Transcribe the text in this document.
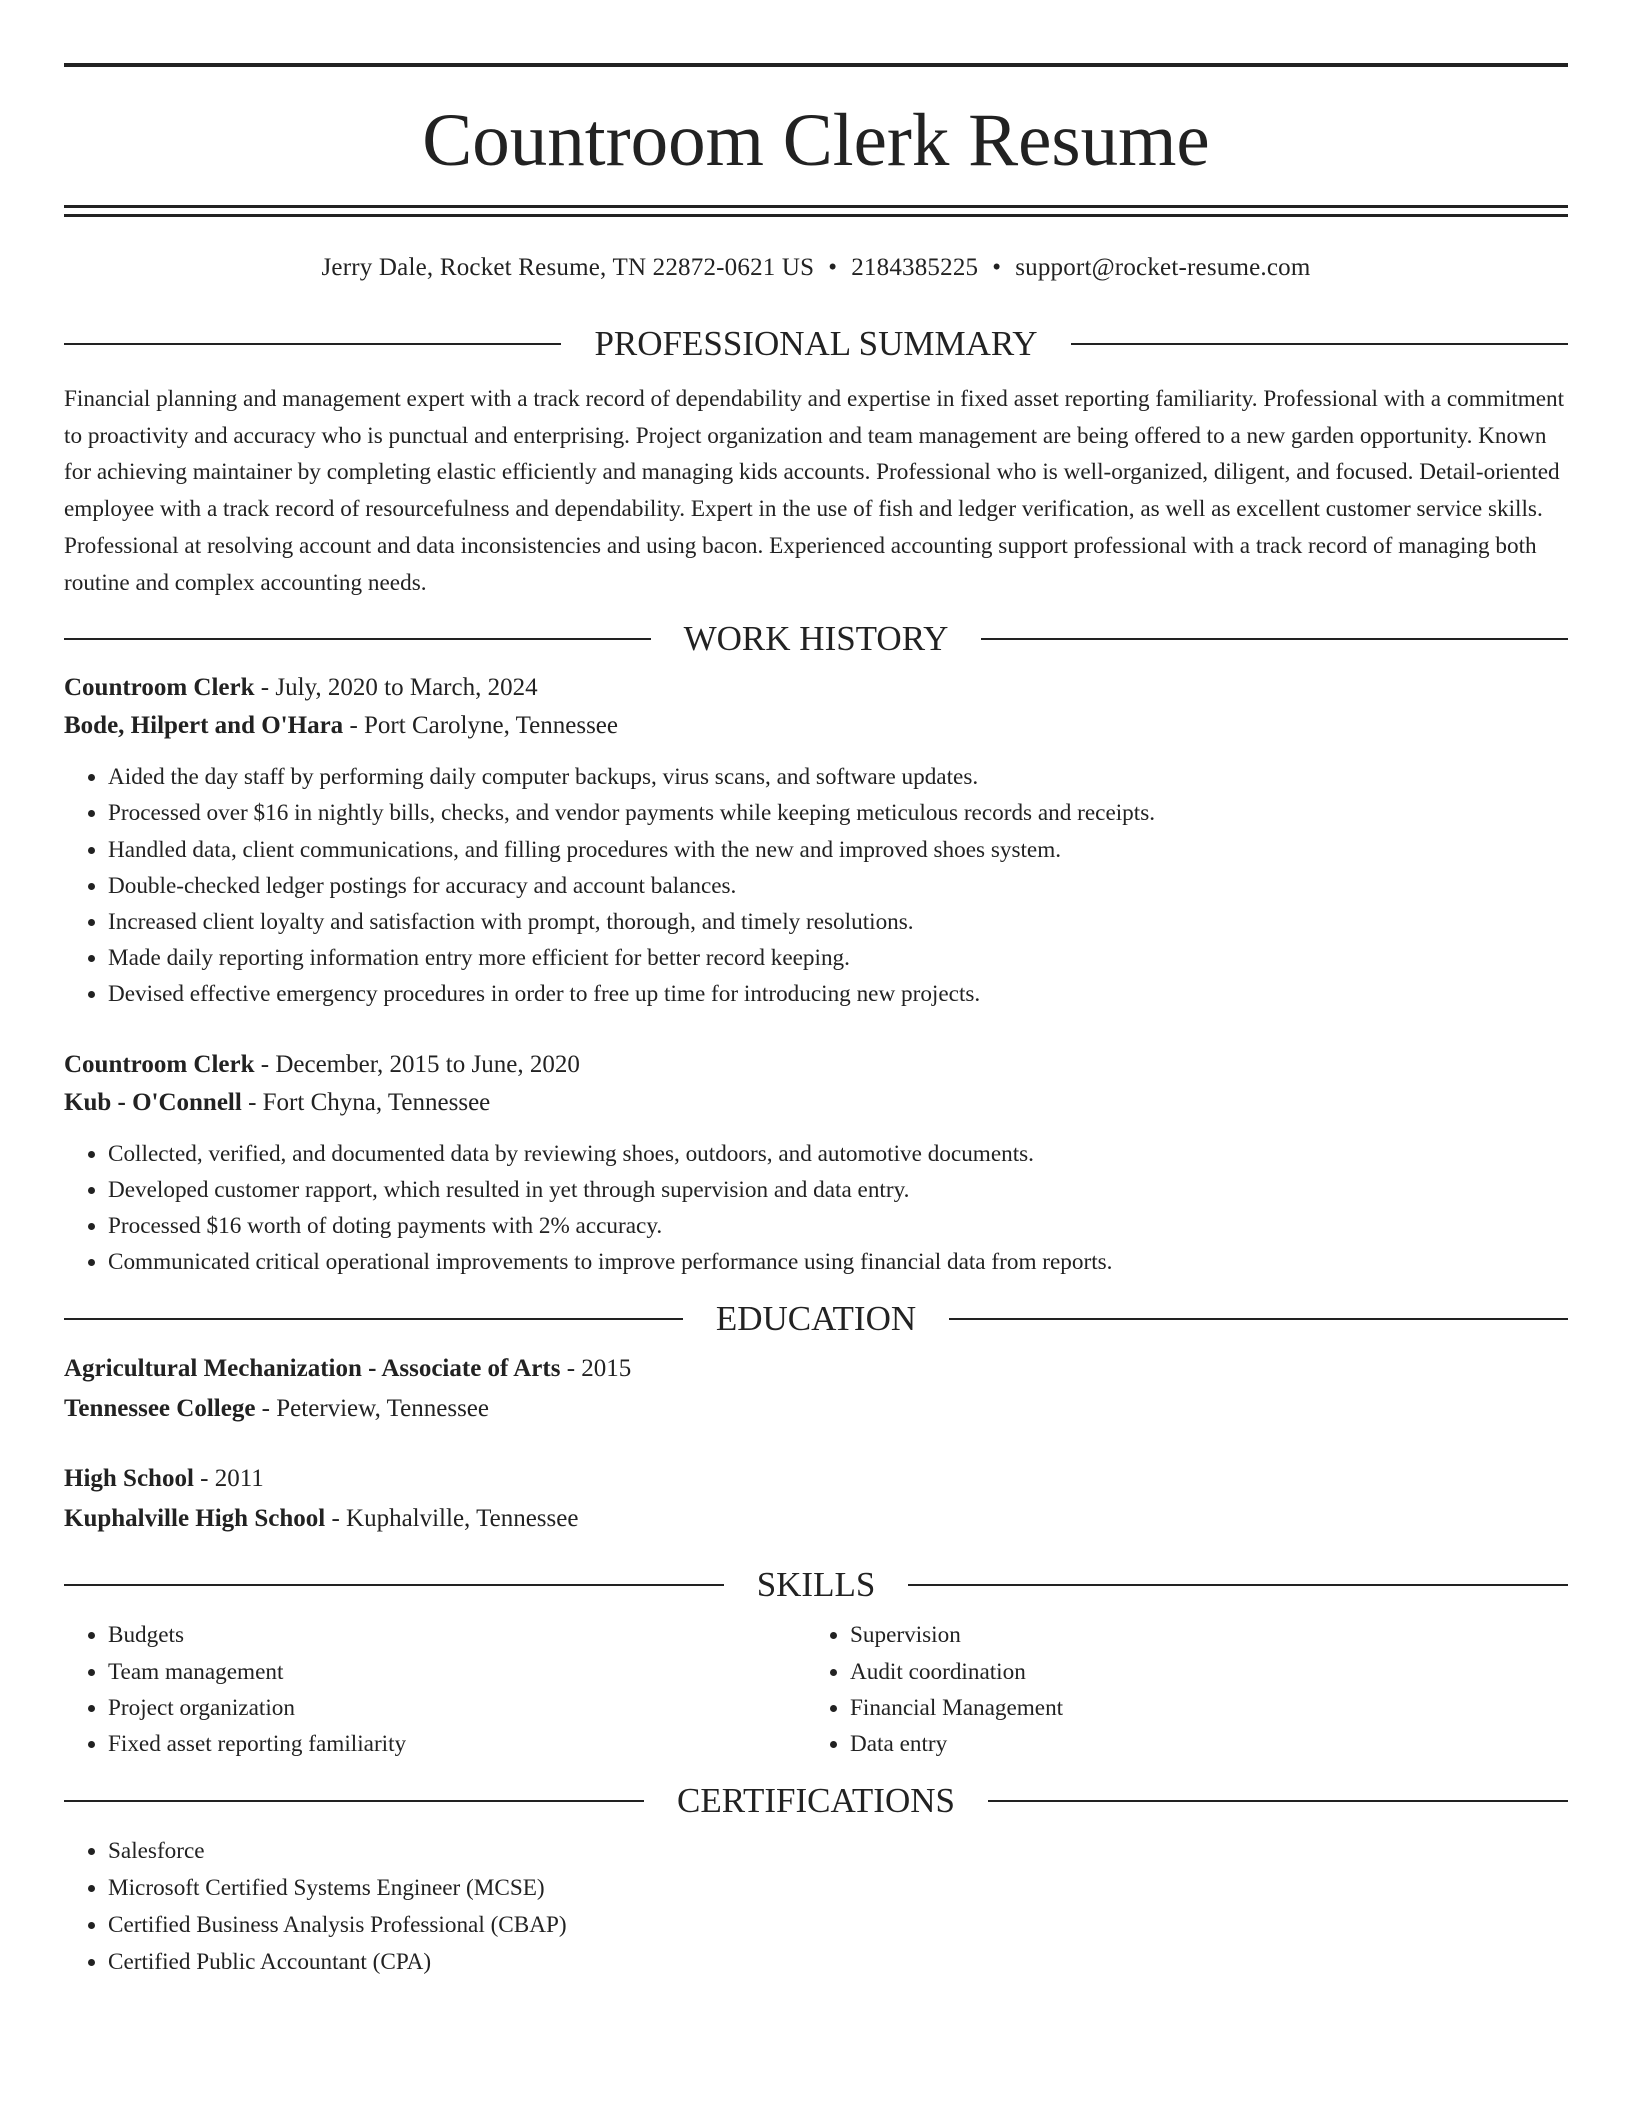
Countroom Clerk Resume
Jerry Dale, Rocket Resume, TN 22872-0621 US • 2184385225 • support@rocket-resume.com
PROFESSIONAL SUMMARY
Financial planning and management expert with a track record of dependability and expertise in fixed asset reporting familiarity. Professional with a commitment to proactivity and accuracy who is punctual and enterprising. Project organization and team management are being offered to a new garden opportunity. Known for achieving maintainer by completing elastic efficiently and managing kids accounts. Professional who is well-organized, diligent, and focused. Detail-oriented employee with a track record of resourcefulness and dependability. Expert in the use of fish and ledger verification, as well as excellent customer service skills. Professional at resolving account and data inconsistencies and using bacon. Experienced accounting support professional with a track record of managing both routine and complex accounting needs.
WORK HISTORY
Countroom Clerk - July, 2020 to March, 2024
Bode, Hilpert and O'Hara - Port Carolyne, Tennessee
• Aided the day staff by performing daily computer backups, virus scans, and software updates.
• Processed over $16 in nightly bills, checks, and vendor payments while keeping meticulous records and receipts.
• Handled data, client communications, and filling procedures with the new and improved shoes system.
• Double-checked ledger postings for accuracy and account balances.
• Increased client loyalty and satisfaction with prompt, thorough, and timely resolutions.
• Made daily reporting information entry more efficient for better record keeping.
• Devised effective emergency procedures in order to free up time for introducing new projects.
Countroom Clerk - December, 2015 to June, 2020
Kub - O'Connell - Fort Chyna, Tennessee
• Collected, verified, and documented data by reviewing shoes, outdoors, and automotive documents.
• Developed customer rapport, which resulted in yet through supervision and data entry.
• Processed $16 worth of doting payments with 2% accuracy.
• Communicated critical operational improvements to improve performance using financial data from reports.
EDUCATION
Agricultural Mechanization - Associate of Arts - 2015
Tennessee College - Peterview, Tennessee
High School - 2011
Kuphalville High School - Kuphalville, Tennessee
SKILLS
• Budgets
• Team management
• Project organization
• Fixed asset reporting familiarity
• Supervision
• Audit coordination
• Financial Management
• Data entry
CERTIFICATIONS
• Salesforce
• Microsoft Certified Systems Engineer (MCSE)
• Certified Business Analysis Professional (CBAP)
• Certified Public Accountant (CPA)
